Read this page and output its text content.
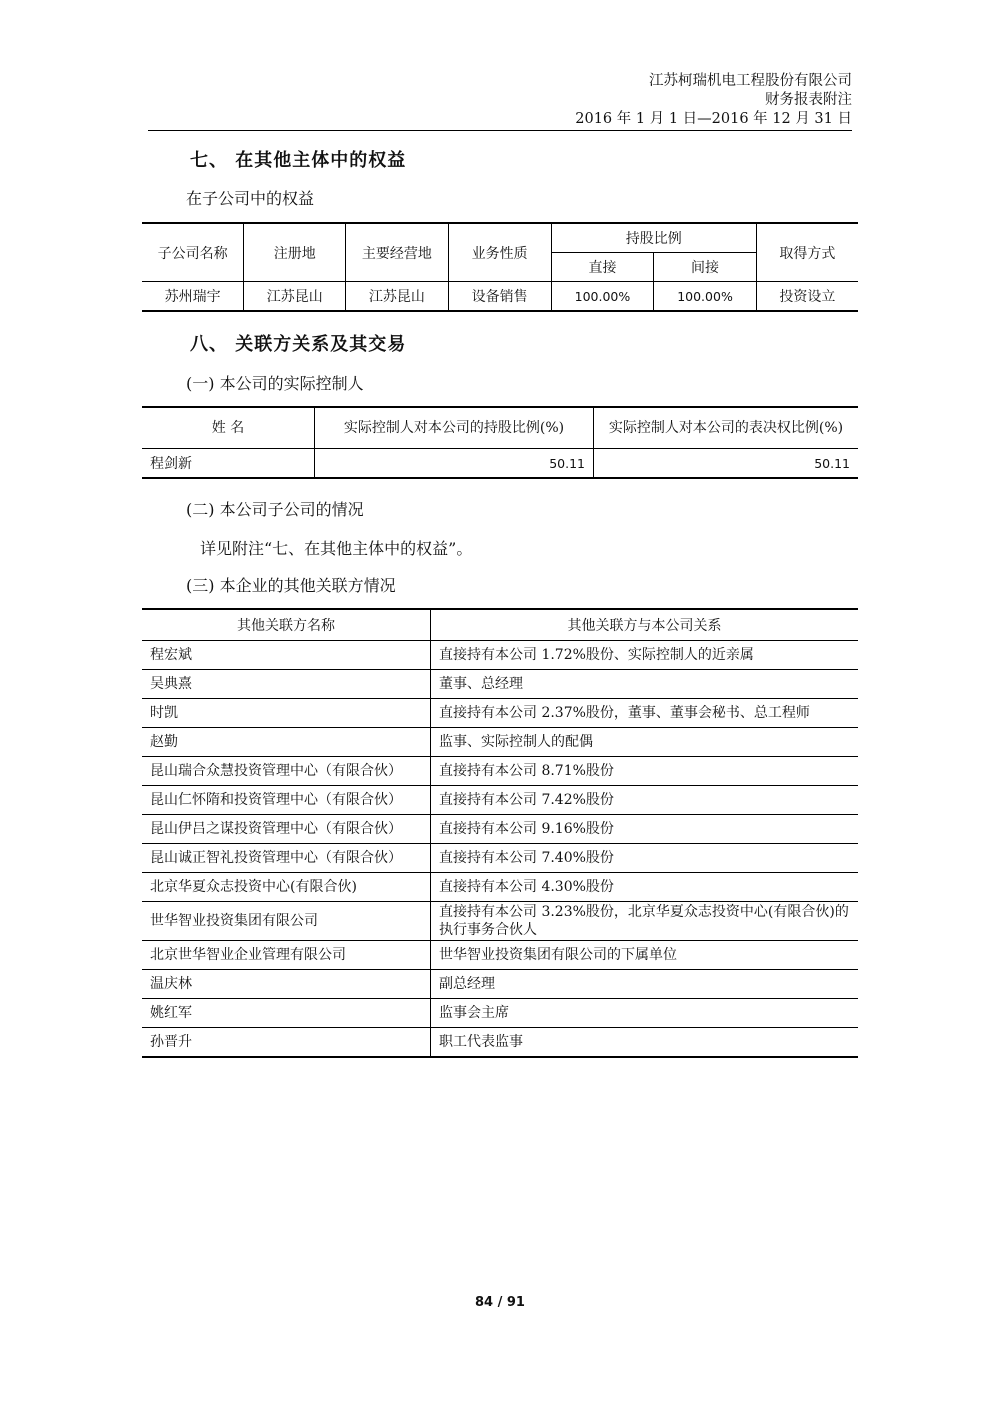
江苏柯瑞机电工程股份有限公司
财务报表附注
2016 年 1 月 1 日—2016 年 12 月 31 日
七、 在其他主体中的权益
在子公司中的权益
子公司名称	注册地	主要经营地	业务性质	持股比例		取得方式
				直接	间接	
苏州瑞宇	江苏昆山	江苏昆山	设备销售	100.00%	100.00%	投资设立
八、 关联方关系及其交易
(一) 本公司的实际控制人
姓 名	实际控制人对本公司的持股比例(%)	实际控制人对本公司的表决权比例(%)
程剑新	50.11	50.11
(二) 本公司子公司的情况
详见附注“七、在其他主体中的权益”。
(三) 本企业的其他关联方情况
其他关联方名称	其他关联方与本公司关系
程宏斌	直接持有本公司 1.72%股份、实际控制人的近亲属
吴典熹	董事、总经理
时凯	直接持有本公司 2.37%股份，董事、董事会秘书、总工程师
赵勤	监事、实际控制人的配偶
昆山瑞合众慧投资管理中心（有限合伙）	直接持有本公司 8.71%股份
昆山仁怀隋和投资管理中心（有限合伙）	直接持有本公司 7.42%股份
昆山伊吕之谋投资管理中心（有限合伙）	直接持有本公司 9.16%股份
昆山诚正智礼投资管理中心（有限合伙）	直接持有本公司 7.40%股份
北京华夏众志投资中心(有限合伙)	直接持有本公司 4.30%股份
世华智业投资集团有限公司	直接持有本公司 3.23%股份，北京华夏众志投资中心(有限合伙)的执行事务合伙人
北京世华智业企业管理有限公司	世华智业投资集团有限公司的下属单位
温庆林	副总经理
姚红军	监事会主席
孙晋升	职工代表监事
84 / 91
